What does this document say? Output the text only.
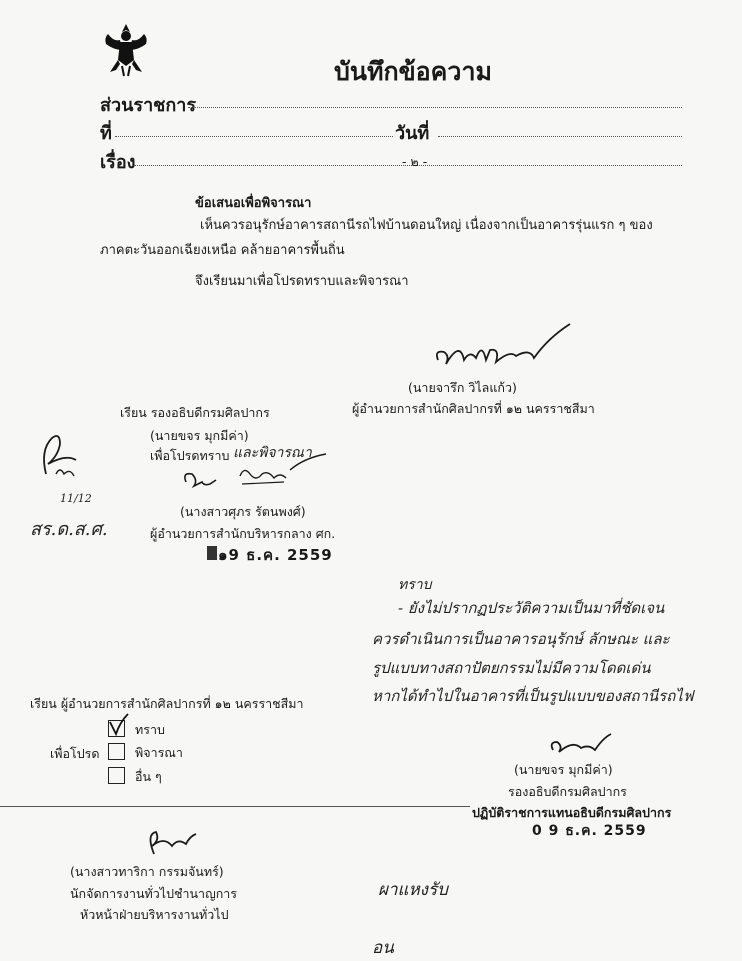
บันทึกข้อความ
ส่วนราชการ
ที่	วันที่
เรื่อง	- ๒ -
ข้อเสนอเพื่อพิจารณา
เห็นควรอนุรักษ์อาคารสถานีรถไฟบ้านดอนใหญ่ เนื่องจากเป็นอาคารรุ่นแรก ๆ ของ
ภาคตะวันออกเฉียงเหนือ คล้ายอาคารพื้นถิ่น
จึงเรียนมาเพื่อโปรดทราบและพิจารณา
(นายจารึก วิไลแก้ว)
ผู้อำนวยการสำนักศิลปากรที่ ๑๒ นครราชสีมา
เรียน รองอธิบดีกรมศิลปากร
(นายขจร มุกมีค่า)
เพื่อโปรดทราบ และพิจารณา
(นางสาวศุภร รัตนพงศ์)
ผู้อำนวยการสำนักบริหารกลาง ศก.
๑9 ธ.ค. 2559
11/12
สร.ด.ส.ศ.
ทราบ
- ยังไม่ปรากฏประวัติความเป็นมาที่ชัดเจน
ควรดำเนินการเป็นอาคารอนุรักษ์ ลักษณะ และ
รูปแบบทางสถาปัตยกรรมไม่มีความโดดเด่น
หากได้ทำไปในอาคารที่เป็นรูปแบบของสถานีรถไฟ
เรียน ผู้อำนวยการสำนักศิลปากรที่ ๑๒ นครราชสีมา
เพื่อโปรด
ทราบ
พิจารณา
อื่น ๆ	(นายขจร มุกมีค่า)
รองอธิบดีกรมศิลปากร
ปฏิบัติราชการแทนอธิบดีกรมศิลปากร
0 9 ธ.ค. 2559
(นางสาวทาริกา กรรมจันทร์)
นักจัดการงานทั่วไปชำนาญการ
หัวหน้าฝ่ายบริหารงานทั่วไป
ผาแหงรับ
อน
